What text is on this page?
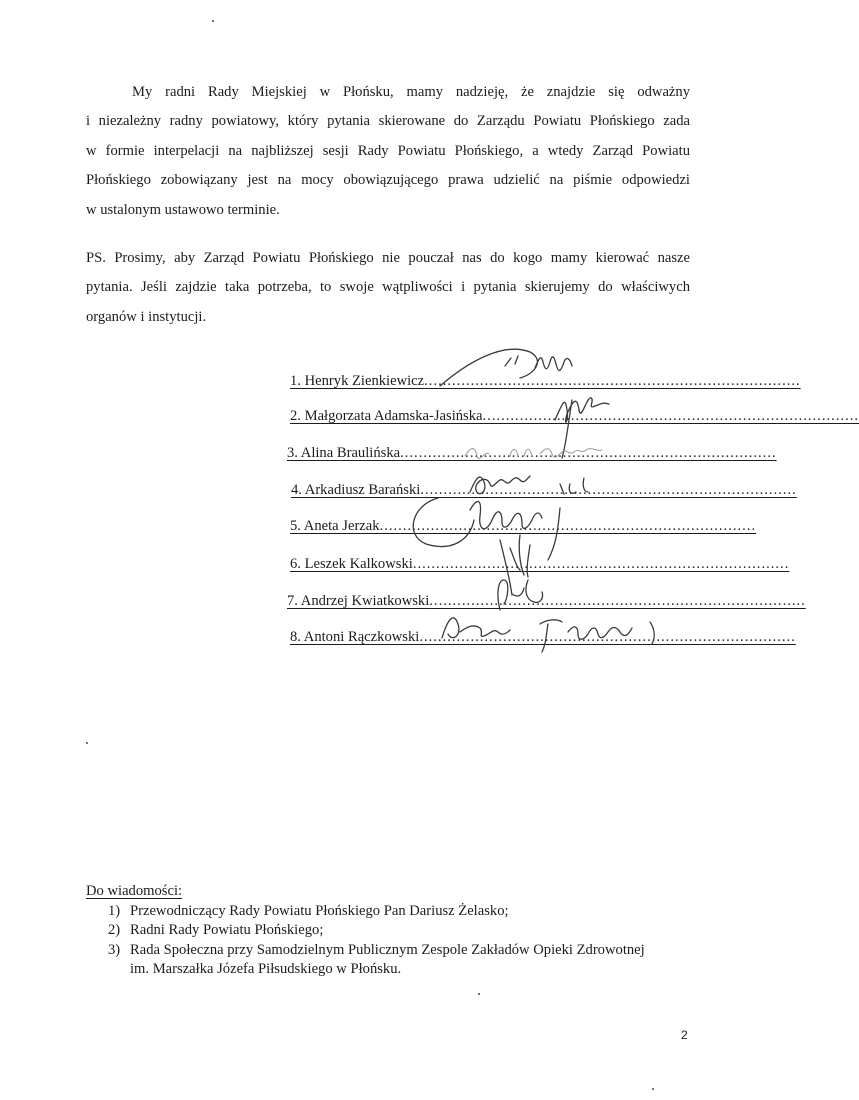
My radni Rady Miejskiej w Płońsku, mamy nadzieję, że znajdzie się odważny
i niezależny radny powiatowy, który pytania skierowane do Zarządu Powiatu Płońskiego zada
w formie interpelacji na najbliższej sesji Rady Powiatu Płońskiego, a wtedy Zarząd Powiatu
Płońskiego zobowiązany jest na mocy obowiązującego prawa udzielić na piśmie odpowiedzi
w ustalonym ustawowo terminie.

PS. Prosimy, aby Zarząd Powiatu Płońskiego nie pouczał nas do kogo mamy kierować nasze
pytania. Jeśli zajdzie taka potrzeba, to swoje wątpliwości i pytania skierujemy do właściwych
organów i instytucji.

1. Henryk Zienkiewicz .................................................................................
2. Małgorzata Adamska-Jasińska .................................................................................
3. Alina Braulińska .................................................................................
4. Arkadiusz Barański .................................................................................
5. Aneta Jerzak .................................................................................
6. Leszek Kalkowski .................................................................................
7. Andrzej Kwiatkowski .................................................................................
8. Antoni Rączkowski .................................................................................
Do wiadomości:
1) Przewodniczący Rady Powiatu Płońskiego Pan Dariusz Żelasko;
2) Radni Rady Powiatu Płońskiego;
3) Rada Społeczna przy Samodzielnym Publicznym Zespole Zakładów Opieki Zdrowotnej
im. Marszałka Józefa Piłsudskiego w Płońsku.
2
